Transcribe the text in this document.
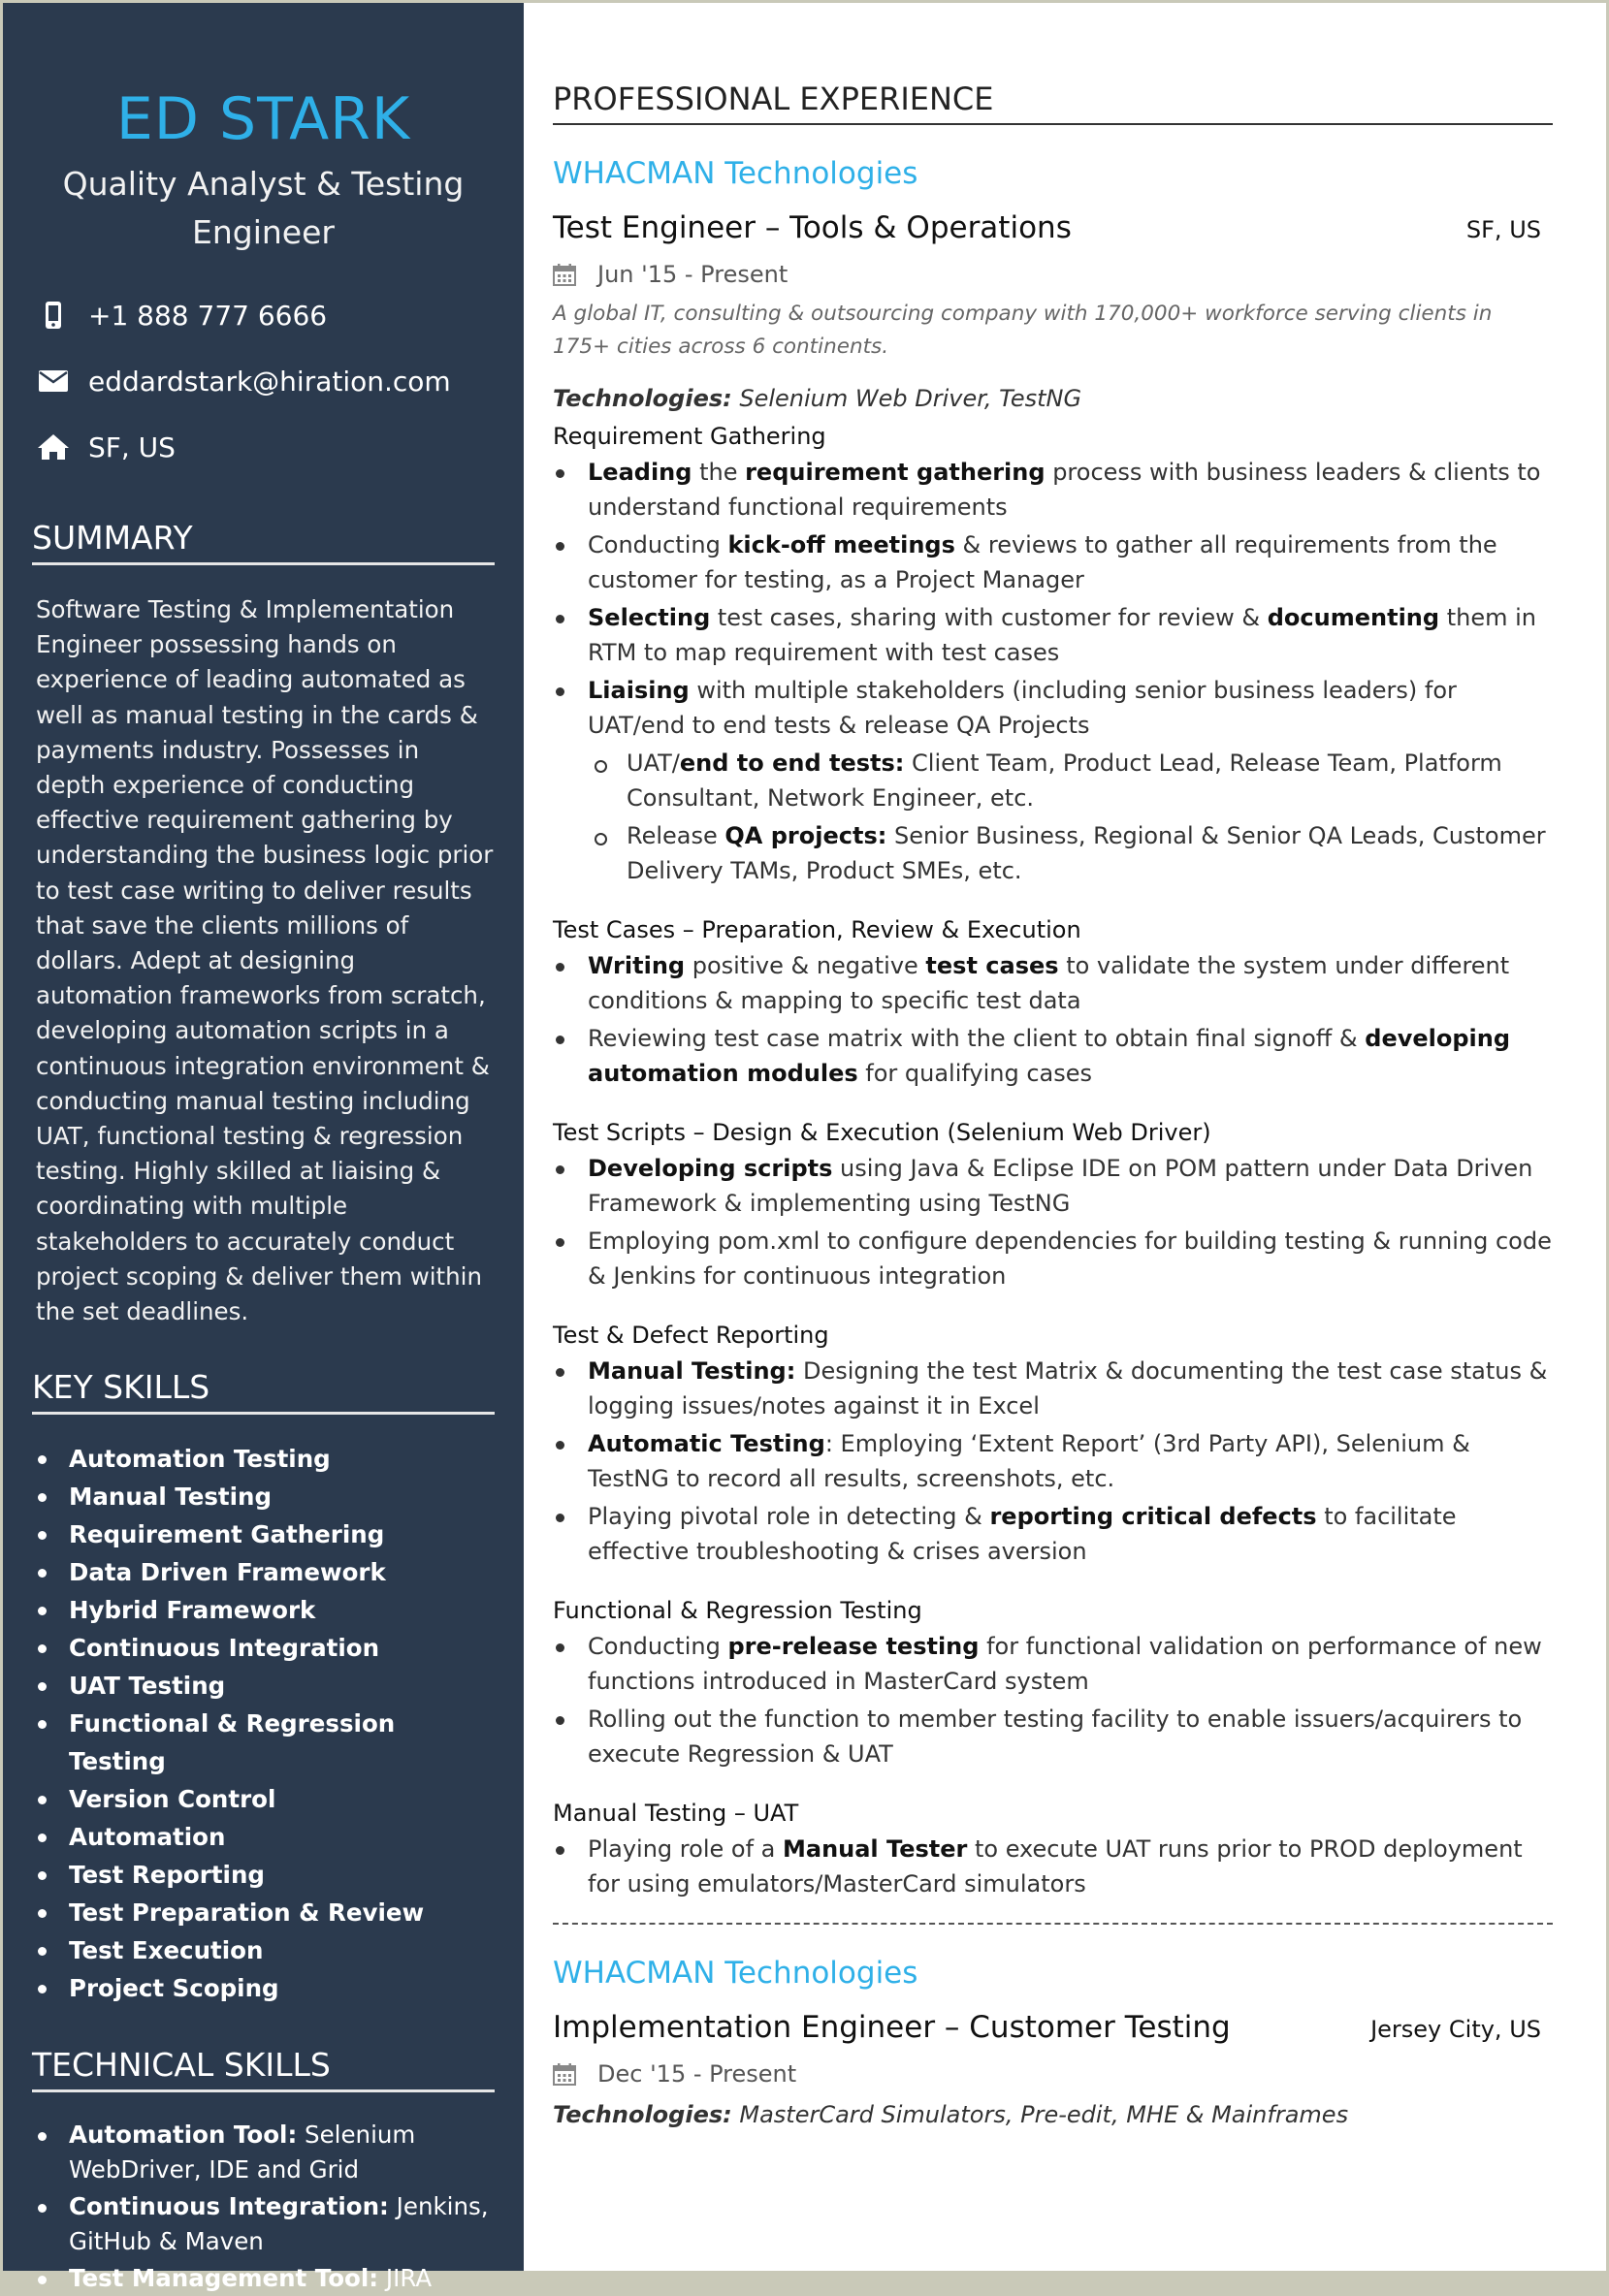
ED STARK
Quality Analyst & Testing Engineer
+1 888 777 6666
eddardstark@hiration.com
SF, US
SUMMARY

Software Testing & Implementation Engineer possessing hands on experience of leading automated as well as manual testing in the cards & payments industry. Possesses in depth experience of conducting effective requirement gathering by understanding the business logic prior to test case writing to deliver results that save the clients millions of dollars. Adept at designing automation frameworks from scratch, developing automation scripts in a continuous integration environment & conducting manual testing including UAT, functional testing & regression testing. Highly skilled at liaising & coordinating with multiple stakeholders to accurately conduct project scoping & deliver them within the set deadlines.

KEY SKILLS
Automation Testing
Manual Testing
Requirement Gathering
Data Driven Framework
Hybrid Framework
Continuous Integration
UAT Testing
Functional & Regression Testing
Version Control
Automation
Test Reporting
Test Preparation & Review
Test Execution
Project Scoping
TECHNICAL SKILLS
Automation Tool: Selenium WebDriver, IDE and Grid
Continuous Integration: Jenkins, GitHub & Maven
Test Management Tool: JIRA
PROFESSIONAL EXPERIENCE
WHACMAN Technologies
Test Engineer – Tools & Operations	SF, US
Jun '15 - Present

A global IT, consulting & outsourcing company with 170,000+ workforce serving clients in 175+ cities across 6 continents.

Technologies: Selenium Web Driver, TestNG
Requirement Gathering
Leading the requirement gathering process with business leaders & clients to understand functional requirements
Conducting kick-off meetings & reviews to gather all requirements from the customer for testing, as a Project Manager
Selecting test cases, sharing with customer for review & documenting them in RTM to map requirement with test cases
Liaising with multiple stakeholders (including senior business leaders) for UAT/end to end tests & release QA Projects
UAT/end to end tests: Client Team, Product Lead, Release Team, Platform Consultant, Network Engineer, etc.
Release QA projects: Senior Business, Regional & Senior QA Leads, Customer Delivery TAMs, Product SMEs, etc.
Test Cases – Preparation, Review & Execution
Writing positive & negative test cases to validate the system under different conditions & mapping to specific test data
Reviewing test case matrix with the client to obtain final signoff & developing automation modules for qualifying cases
Test Scripts – Design & Execution (Selenium Web Driver)
Developing scripts using Java & Eclipse IDE on POM pattern under Data Driven Framework & implementing using TestNG
Employing pom.xml to configure dependencies for building testing & running code & Jenkins for continuous integration
Test & Defect Reporting
Manual Testing: Designing the test Matrix & documenting the test case status & logging issues/notes against it in Excel
Automatic Testing: Employing ‘Extent Report’ (3rd Party API), Selenium & TestNG to record all results, screenshots, etc.
Playing pivotal role in detecting & reporting critical defects to facilitate effective troubleshooting & crises aversion
Functional & Regression Testing
Conducting pre-release testing for functional validation on performance of new functions introduced in MasterCard system
Rolling out the function to member testing facility to enable issuers/acquirers to execute Regression & UAT
Manual Testing – UAT
Playing role of a Manual Tester to execute UAT runs prior to PROD deployment for using emulators/MasterCard simulators
WHACMAN Technologies
Implementation Engineer – Customer Testing	Jersey City, US
Dec '15 - Present
Technologies: MasterCard Simulators, Pre-edit, MHE & Mainframes
